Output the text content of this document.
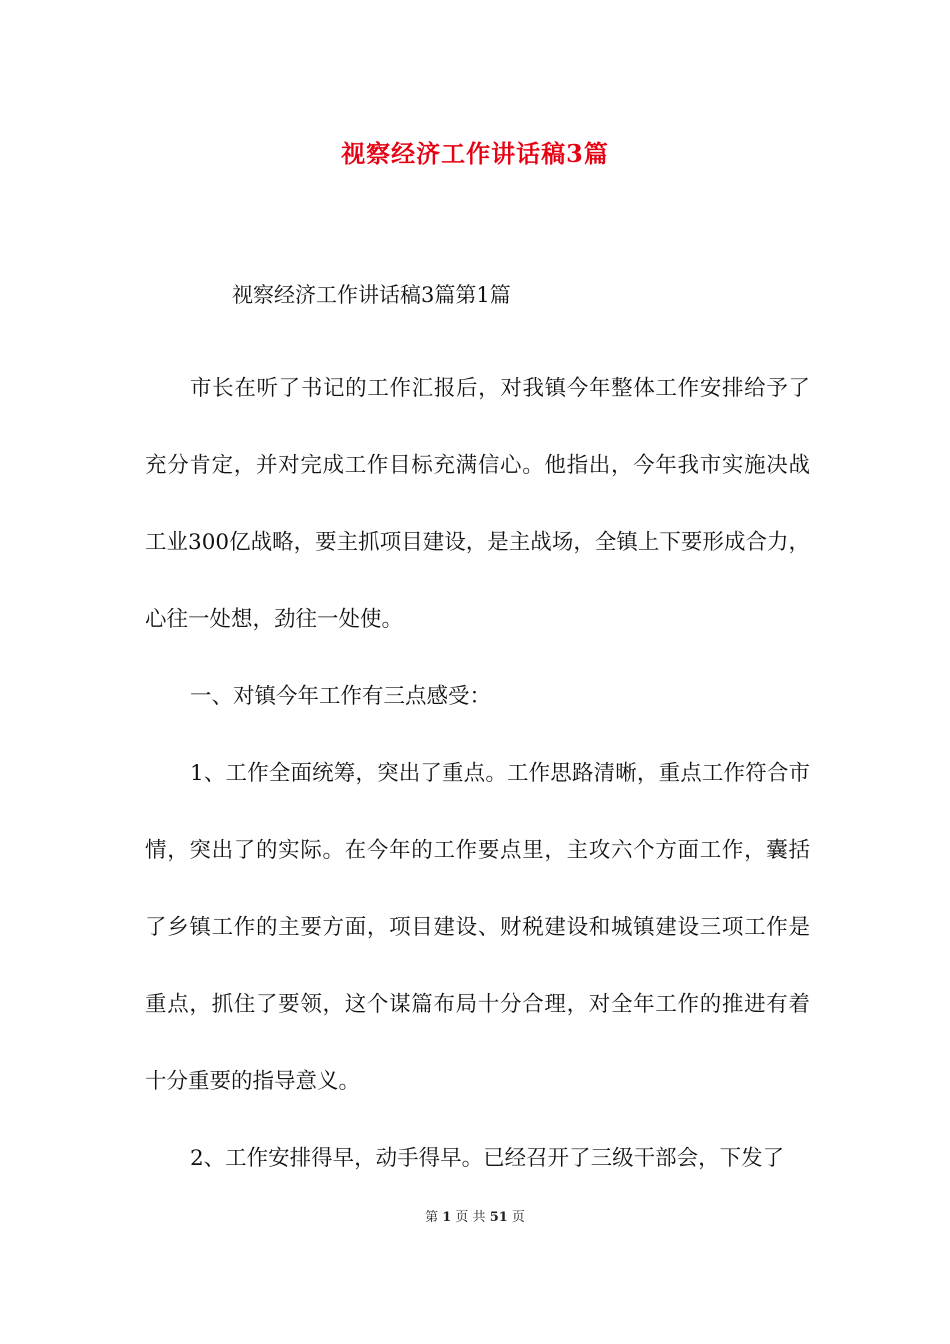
视察经济工作讲话稿3篇
视察经济工作讲话稿3篇第1篇

市长在听了书记的工作汇报后，对我镇今年整体工作安排给予了充分肯定，并对完成工作目标充满信心。他指出，今年我市实施决战工业300亿战略，要主抓项目建设，是主战场，全镇上下要形成合力，心往一处想，劲往一处使。

一、对镇今年工作有三点感受：

1、工作全面统筹，突出了重点。工作思路清晰，重点工作符合市情，突出了的实际。在今年的工作要点里，主攻六个方面工作，囊括了乡镇工作的主要方面，项目建设、财税建设和城镇建设三项工作是重点，抓住了要领，这个谋篇布局十分合理，对全年工作的推进有着十分重要的指导意义。

2、工作安排得早，动手得早。已经召开了三级干部会，下发了

第 1 页 共 51 页
